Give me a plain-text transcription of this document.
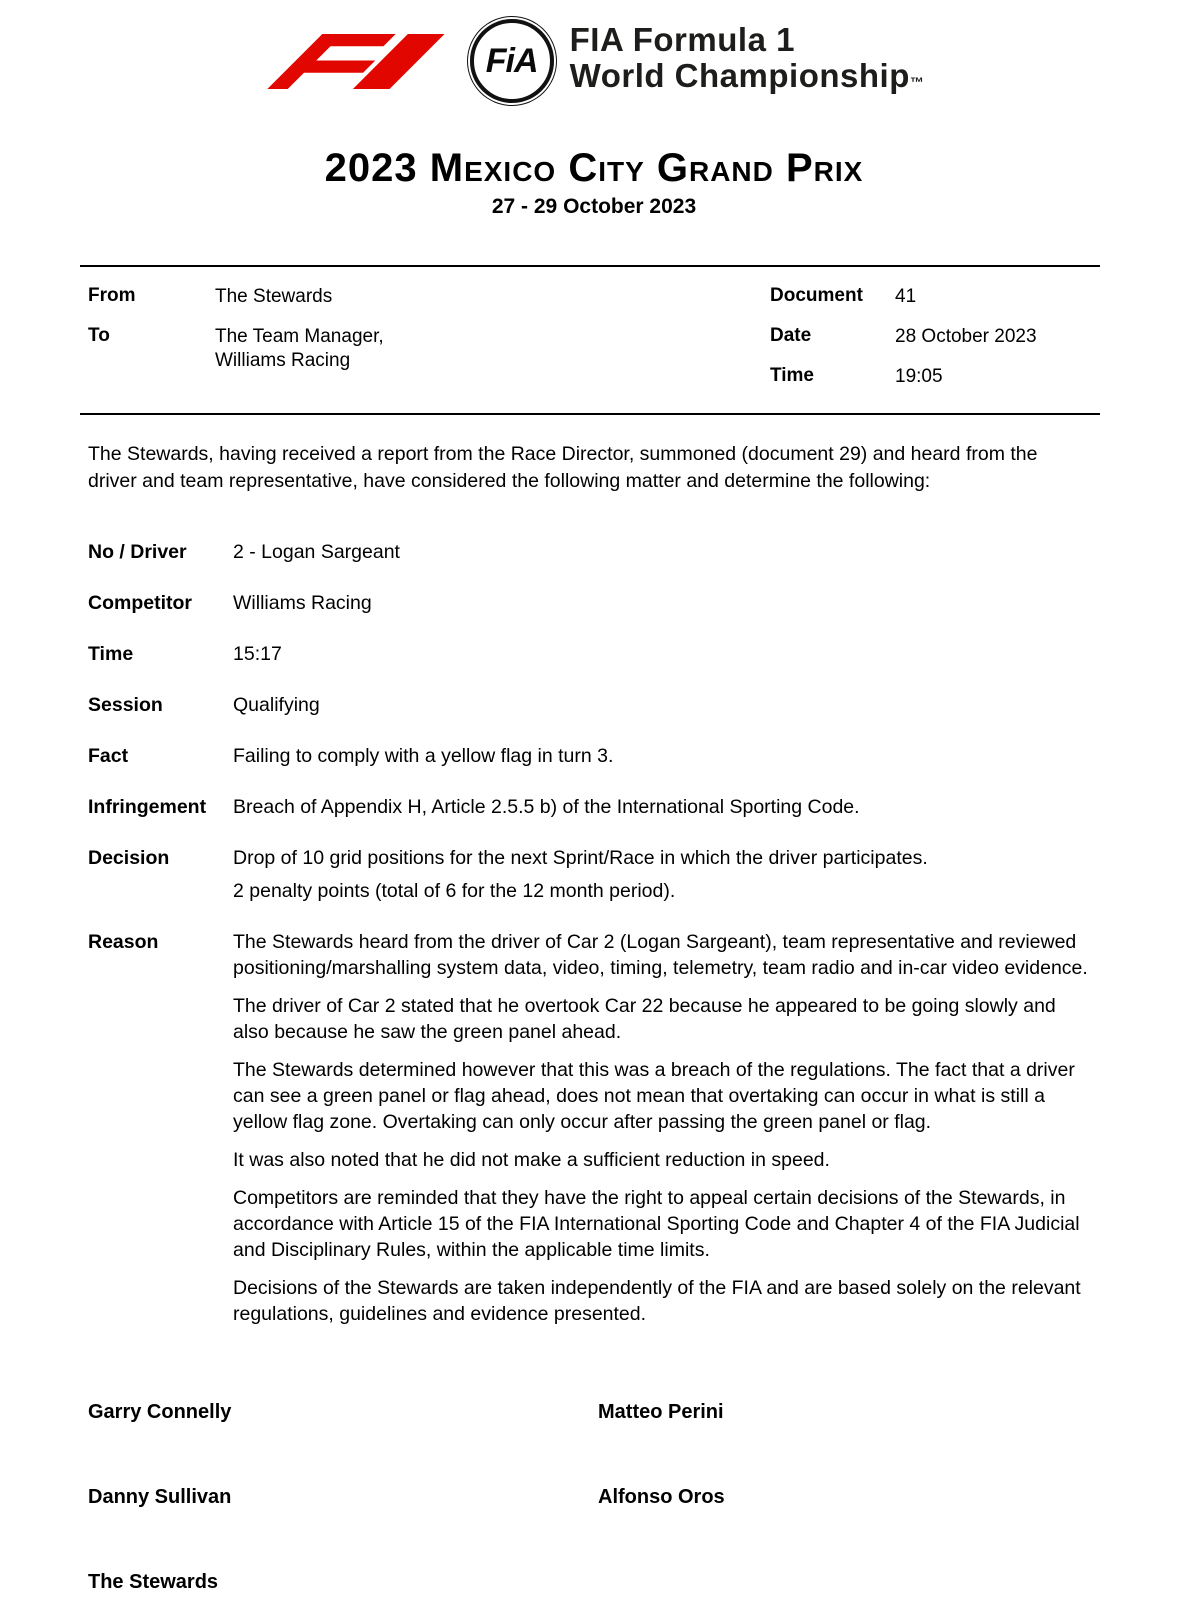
FiA
FIA Formula 1
World Championship™
2023 Mexico City Grand Prix
27 - 29 October 2023
From	The Stewards
To	The Team Manager,
Williams Racing
Document	41
Date	28 October 2023
Time	19:05

The Stewards, having received a report from the Race Director, summoned (document 29) and heard from the driver and team representative, have considered the following matter and determine the following:

No / Driver	2 - Logan Sargeant

Competitor	Williams Racing

Time	15:17

Session	Qualifying

Fact	Failing to comply with a yellow flag in turn 3.

Infringement	Breach of Appendix H, Article 2.5.5 b) of the International Sporting Code.

Decision	Drop of 10 grid positions for the next Sprint/Race in which the driver participates.

2 penalty points (total of 6 for the 12 month period).

Reason	The Stewards heard from the driver of Car 2 (Logan Sargeant), team representative and reviewed positioning/marshalling system data, video, timing, telemetry, team radio and in-car video evidence.

The driver of Car 2 stated that he overtook Car 22 because he appeared to be going slowly and also because he saw the green panel ahead.

The Stewards determined however that this was a breach of the regulations. The fact that a driver can see a green panel or flag ahead, does not mean that overtaking can occur in what is still a yellow flag zone. Overtaking can only occur after passing the green panel or flag.

It was also noted that he did not make a sufficient reduction in speed.

Competitors are reminded that they have the right to appeal certain decisions of the Stewards, in accordance with Article 15 of the FIA International Sporting Code and Chapter 4 of the FIA Judicial and Disciplinary Rules, within the applicable time limits.

Decisions of the Stewards are taken independently of the FIA and are based solely on the relevant regulations, guidelines and evidence presented.

Garry Connelly	Matteo Perini
Danny Sullivan	Alfonso Oros
The Stewards
